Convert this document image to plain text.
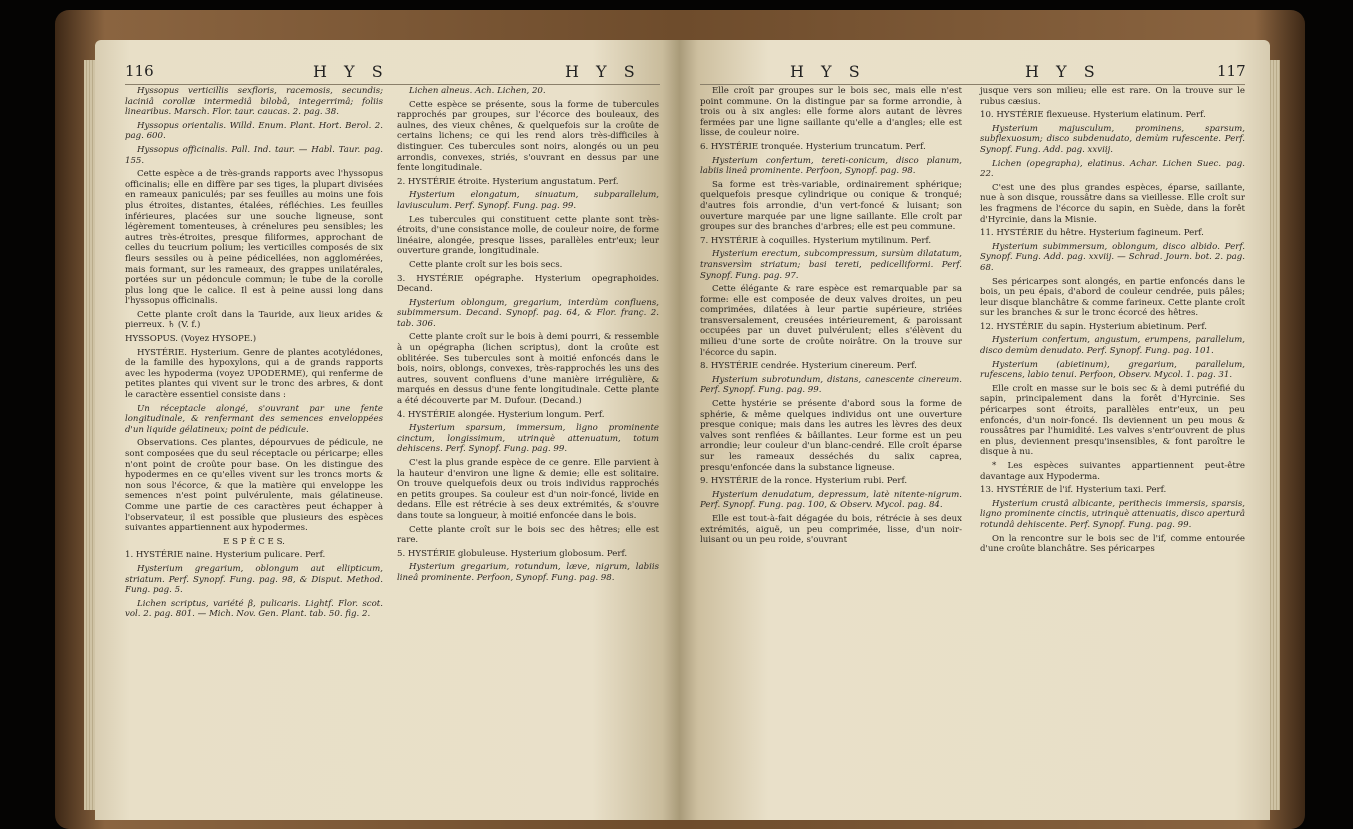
116	H Y S	H Y S

Hyssopus verticillis sexfloris, racemosis, secundis; laciniâ corollæ intermediâ bilobâ, integerrimâ; foliis linearibus. Marsch. Flor. taur. caucas. 2. pag. 38.

Hyssopus orientalis. Willd. Enum. Plant. Hort. Berol. 2. pag. 600.

Hyssopus officinalis. Pall. Ind. taur. — Habl. Taur. pag. 155.

Cette espèce a de très-grands rapports avec l'hyssopus officinalis; elle en diffère par ses tiges, la plupart divisées en rameaux paniculés; par ses feuilles au moins une fois plus étroites, distantes, étalées, réfléchies. Les feuilles inférieures, placées sur une souche ligneuse, sont légèrement tomenteuses, à crénelures peu sensibles; les autres très-étroites, presque filiformes, approchant de celles du teucrium polium; les verticilles composés de six fleurs sessiles ou à peine pédicellées, non agglomérées, mais formant, sur les rameaux, des grappes unilatérales, portées sur un pédoncule commun; le tube de la corolle plus long que le calice. Il est à peine aussi long dans l'hyssopus officinalis.

Cette plante croît dans la Tauride, aux lieux arides & pierreux. ♄ (V. f.)

HYSSOPUS. (Voyez HYSOPE.)

HYSTÉRIE. Hysterium. Genre de plantes acotylédones, de la famille des hypoxylons, qui a de grands rapports avec les hypoderma (voyez UPODERME), qui renferme de petites plantes qui vivent sur le tronc des arbres, & dont le caractère essentiel consiste dans :

Un réceptacle alongé, s'ouvrant par une fente longitudinale, & renfermant des semences enveloppées d'un liquide gélatineux; point de pédicule.

Observations. Ces plantes, dépourvues de pédicule, ne sont composées que du seul réceptacle ou péricarpe; elles n'ont point de croûte pour base. On les distingue des hypodermes en ce qu'elles vivent sur les troncs morts & non sous l'écorce, & que la matière qui enveloppe les semences n'est point pulvérulente, mais gélatineuse. Comme une partie de ces caractères peut échapper à l'observateur, il est possible que plusieurs des espèces suivantes appartiennent aux hypodermes.

E S P È C E S.

1. HYSTÉRIE naine. Hysterium pulicare. Perf.

Hysterium gregarium, oblongum aut ellipticum, striatum. Perf. Synopf. Fung. pag. 98, & Disput. Method. Fung. pag. 5.

Lichen scriptus, variété β, pulicaris. Lightf. Flor. scot. vol. 2. pag. 801. — Mich. Nov. Gen. Plant. tab. 50. fig. 2.

Lichen alneus. Ach. Lichen, 20.

Cette espèce se présente, sous la forme de tubercules rapprochés par groupes, sur l'écorce des bouleaux, des aulnes, des vieux chênes, & quelquefois sur la croûte de certains lichens; ce qui les rend alors très-difficiles à distinguer. Ces tubercules sont noirs, alongés ou un peu arrondis, convexes, striés, s'ouvrant en dessus par une fente longitudinale.

2. HYSTÉRIE étroite. Hysterium angustatum. Perf.

Hysterium elongatum, sinuatum, subparallelum, laviusculum. Perf. Synopf. Fung. pag. 99.

Les tubercules qui constituent cette plante sont très-étroits, d'une consistance molle, de couleur noire, de forme linéaire, alongée, presque lisses, parallèles entr'eux; leur ouverture grande, longitudinale.

Cette plante croît sur les bois secs.

3. HYSTÉRIE opégraphe. Hysterium opegraphoides. Decand.

Hysterium oblongum, gregarium, interdùm confluens, subimmersum. Decand. Synopf. pag. 64, & Flor. franç. 2. tab. 306.

Cette plante croît sur le bois à demi pourri, & ressemble à un opégrapha (lichen scriptus), dont la croûte est oblitérée. Ses tubercules sont à moitié enfoncés dans le bois, noirs, oblongs, convexes, très-rapprochés les uns des autres, souvent confluens d'une manière irrégulière, & marqués en dessus d'une fente longitudinale. Cette plante a été découverte par M. Dufour. (Decand.)

4. HYSTÉRIE alongée. Hysterium longum. Perf.

Hysterium sparsum, immersum, ligno prominente cinctum, longissimum, utrinquè attenuatum, totum dehiscens. Perf. Synopf. Fung. pag. 99.

C'est la plus grande espèce de ce genre. Elle parvient à la hauteur d'environ une ligne & demie; elle est solitaire. On trouve quelquefois deux ou trois individus rapprochés en petits groupes. Sa couleur est d'un noir-foncé, livide en dedans. Elle est rétrécie à ses deux extrémités, & s'ouvre dans toute sa longueur, à moitié enfoncée dans le bois.

Cette plante croît sur le bois sec des hêtres; elle est rare.

5. HYSTÉRIE globuleuse. Hysterium globosum. Perf.

Hysterium gregarium, rotundum, læve, nigrum, labiis lineâ prominente. Perfoon, Synopf. Fung. pag. 98.

H Y S	H Y S	117

Elle croît par groupes sur le bois sec, mais elle n'est point commune. On la distingue par sa forme arrondie, à trois ou à six angles: elle forme alors autant de lèvres fermées par une ligne saillante qu'elle a d'angles; elle est lisse, de couleur noire.

6. HYSTÉRIE tronquée. Hysterium truncatum. Perf.

Hysterium confertum, tereti-conicum, disco planum, labiis lineâ prominente. Perfoon, Synopf. pag. 98.

Sa forme est très-variable, ordinairement sphérique; quelquefois presque cylindrique ou conique & tronqué; d'autres fois arrondie, d'un vert-foncé & luisant; son ouverture marquée par une ligne saillante. Elle croît par groupes sur des branches d'arbres; elle est peu commune.

7. HYSTÉRIE à coquilles. Hysterium mytilinum. Perf.

Hysterium erectum, subcompressum, sursùm dilatatum, transversìm striatum; basi tereti, pedicelliformi. Perf. Synopf. Fung. pag. 97.

Cette élégante & rare espèce est remarquable par sa forme: elle est composée de deux valves droites, un peu comprimées, dilatées à leur partie supérieure, striées transversalement, creusées intérieurement, & paroissant occupées par un duvet pulvérulent; elles s'élèvent du milieu d'une sorte de croûte noirâtre. On la trouve sur l'écorce du sapin.

8. HYSTÉRIE cendrée. Hysterium cinereum. Perf.

Hysterium subrotundum, distans, canescente cinereum. Perf. Synopf. Fung. pag. 99.

Cette hystérie se présente d'abord sous la forme de sphérie, & même quelques individus ont une ouverture presque conique; mais dans les autres les lèvres des deux valves sont renflées & bâillantes. Leur forme est un peu arrondie; leur couleur d'un blanc-cendré. Elle croît éparse sur les rameaux desséchés du salix caprea, presqu'enfoncée dans la substance ligneuse.

9. HYSTÉRIE de la ronce. Hysterium rubi. Perf.

Hysterium denudatum, depressum, latè nitente-nigrum. Perf. Synopf. Fung. pag. 100, & Observ. Mycol. pag. 84.

Elle est tout-à-fait dégagée du bois, rétrécie à ses deux extrémités, aiguë, un peu comprimée, lisse, d'un noir-luisant ou un peu roide, s'ouvrant

jusque vers son milieu; elle est rare. On la trouve sur le rubus cæsius.

10. HYSTÉRIE flexueuse. Hysterium elatinum. Perf.

Hysterium majusculum, prominens, sparsum, subflexuosum; disco subdenudato, demùm rufescente. Perf. Synopf. Fung. Add. pag. xxviij.

Lichen (opegrapha), elatinus. Achar. Lichen Suec. pag. 22.

C'est une des plus grandes espèces, éparse, saillante, nue à son disque, roussâtre dans sa vieillesse. Elle croît sur les fragmens de l'écorce du sapin, en Suède, dans la forêt d'Hyrcinie, dans la Misnie.

11. HYSTÉRIE du hêtre. Hysterium fagineum. Perf.

Hysterium subimmersum, oblongum, disco albido. Perf. Synopf. Fung. Add. pag. xxviij. — Schrad. Journ. bot. 2. pag. 68.

Ses péricarpes sont alongés, en partie enfoncés dans le bois, un peu épais, d'abord de couleur cendrée, puis pâles; leur disque blanchâtre & comme farineux. Cette plante croît sur les branches & sur le tronc écorcé des hêtres.

12. HYSTÉRIE du sapin. Hysterium abietinum. Perf.

Hysterium confertum, angustum, erumpens, parallelum, disco demùm denudato. Perf. Synopf. Fung. pag. 101.

Hysterium (abietinum), gregarium, parallelum, rufescens, labio tenui. Perfoon, Observ. Mycol. 1. pag. 31.

Elle croît en masse sur le bois sec & à demi putréfié du sapin, principalement dans la forêt d'Hyrcinie. Ses péricarpes sont étroits, parallèles entr'eux, un peu enfoncés, d'un noir-foncé. Ils deviennent un peu mous & roussâtres par l'humidité. Les valves s'entr'ouvrent de plus en plus, deviennent presqu'insensibles, & font paroître le disque à nu.

* Les espèces suivantes appartiennent peut-être davantage aux Hypoderma.

13. HYSTÉRIE de l'if. Hysterium taxi. Perf.

Hysterium crustâ albicante, perithecis immersis, sparsis, ligno prominente cinctis, utrinquè attenuatis, disco aperturâ rotundâ dehiscente. Perf. Synopf. Fung. pag. 99.

On la rencontre sur le bois sec de l'if, comme entourée d'une croûte blanchâtre. Ses péricarpes
